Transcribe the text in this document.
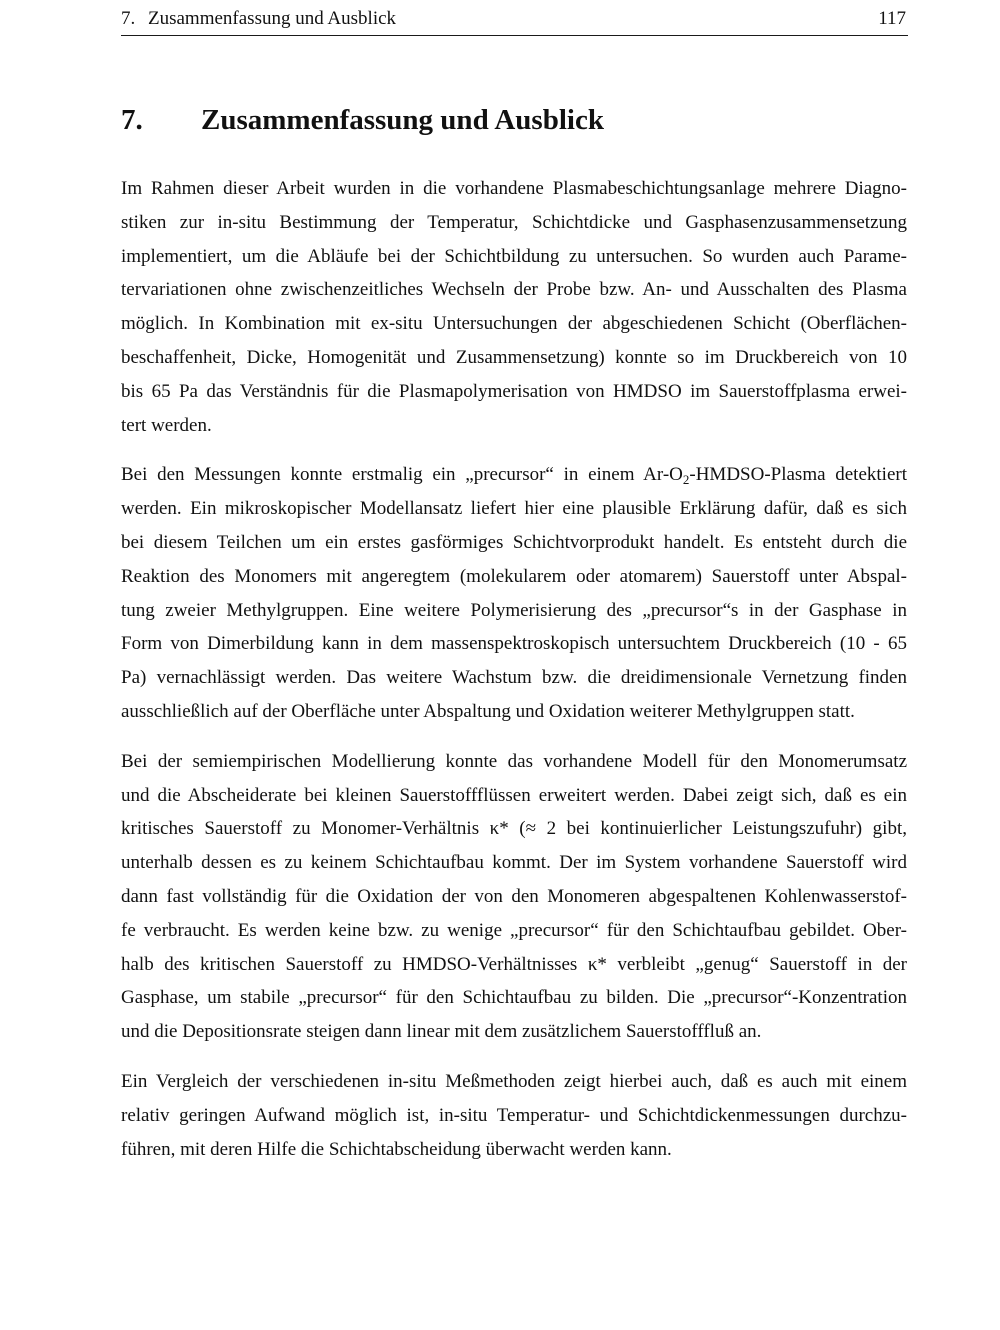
7. Zusammenfassung und Ausblick	117
7. Zusammenfassung und Ausblick

Im Rahmen dieser Arbeit wurden in die vorhandene Plasmabeschichtungsanlage mehrere Diagno-
stiken zur in-situ Bestimmung der Temperatur, Schichtdicke und Gasphasenzusammensetzung
implementiert, um die Abläufe bei der Schichtbildung zu untersuchen. So wurden auch Parame-
tervariationen ohne zwischenzeitliches Wechseln der Probe bzw. An- und Ausschalten des Plasma
möglich. In Kombination mit ex-situ Untersuchungen der abgeschiedenen Schicht (Oberflächen-
beschaffenheit, Dicke, Homogenität und Zusammensetzung) konnte so im Druckbereich von 10
bis 65 Pa das Verständnis für die Plasmapolymerisation von HMDSO im Sauerstoffplasma erwei-
tert werden.

Bei den Messungen konnte erstmalig ein „precursor“ in einem $Ar-O_2-HMDSO$-Plasma detektiert
werden. Ein mikroskopischer Modellansatz liefert hier eine plausible Erklärung dafür, daß es sich
bei diesem Teilchen um ein erstes gasförmiges Schichtvorprodukt handelt. Es entsteht durch die
Reaktion des Monomers mit angeregtem (molekularem oder atomarem) Sauerstoff unter Abspal-
tung zweier Methylgruppen. Eine weitere Polymerisierung des „precursor“s in der Gasphase in
Form von Dimerbildung kann in dem massenspektroskopisch untersuchtem Druckbereich (10 - 65
Pa) vernachlässigt werden. Das weitere Wachstum bzw. die dreidimensionale Vernetzung finden
ausschließlich auf der Oberfläche unter Abspaltung und Oxidation weiterer Methylgruppen statt.

Bei der semiempirischen Modellierung konnte das vorhandene Modell für den Monomerumsatz
und die Abscheiderate bei kleinen Sauerstoffflüssen erweitert werden. Dabei zeigt sich, daß es ein
kritisches Sauerstoff zu Monomer-Verhältnis κ* (≈ 2 bei kontinuierlicher Leistungszufuhr) gibt,
unterhalb dessen es zu keinem Schichtaufbau kommt. Der im System vorhandene Sauerstoff wird
dann fast vollständig für die Oxidation der von den Monomeren abgespaltenen Kohlenwasserstof-
fe verbraucht. Es werden keine bzw. zu wenige „precursor“ für den Schichtaufbau gebildet. Ober-
halb des kritischen Sauerstoff zu HMDSO-Verhältnisses κ* verbleibt „genug“ Sauerstoff in der
Gasphase, um stabile „precursor“ für den Schichtaufbau zu bilden. Die „precursor“-Konzentration
und die Depositionsrate steigen dann linear mit dem zusätzlichem Sauerstofffluß an.

Ein Vergleich der verschiedenen in-situ Meßmethoden zeigt hierbei auch, daß es auch mit einem
relativ geringen Aufwand möglich ist, in-situ Temperatur- und Schichtdickenmessungen durchzu-
führen, mit deren Hilfe die Schichtabscheidung überwacht werden kann.
